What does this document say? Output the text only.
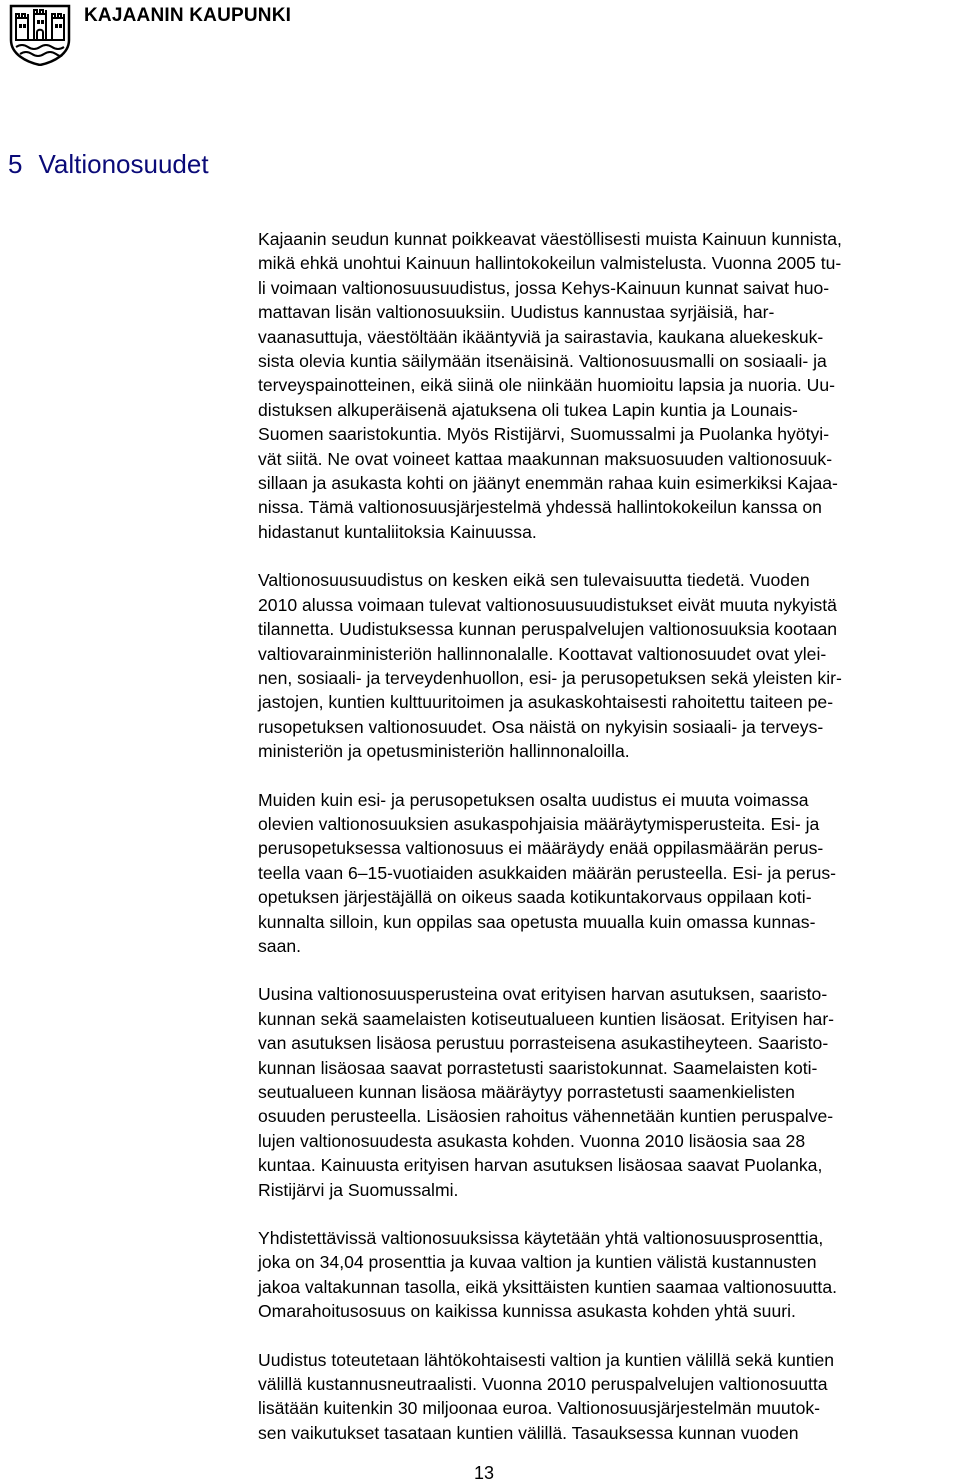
KAJAANIN KAUPUNKI
5 Valtionosuudet

Kajaanin seudun kunnat poikkeavat väestöllisesti muista Kainuun kunnista,
mikä ehkä unohtui Kainuun hallintokokeilun valmistelusta. Vuonna 2005 tu-
li voimaan valtionosuusuudistus, jossa Kehys-Kainuun kunnat saivat huo-
mattavan lisän valtionosuuksiin. Uudistus kannustaa syrjäisiä, har-
vaanasuttuja, väestöltään ikääntyviä ja sairastavia, kaukana aluekeskuk-
sista olevia kuntia säilymään itsenäisinä. Valtionosuusmalli on sosiaali- ja
terveyspainotteinen, eikä siinä ole niinkään huomioitu lapsia ja nuoria. Uu-
distuksen alkuperäisenä ajatuksena oli tukea Lapin kuntia ja Lounais-
Suomen saaristokuntia. Myös Ristijärvi, Suomussalmi ja Puolanka hyötyi-
vät siitä. Ne ovat voineet kattaa maakunnan maksuosuuden valtionosuuk-
sillaan ja asukasta kohti on jäänyt enemmän rahaa kuin esimerkiksi Kajaa-
nissa. Tämä valtionosuusjärjestelmä yhdessä hallintokokeilun kanssa on
hidastanut kuntaliitoksia Kainuussa.

Valtionosuusuudistus on kesken eikä sen tulevaisuutta tiedetä. Vuoden
2010 alussa voimaan tulevat valtionosuusuudistukset eivät muuta nykyistä
tilannetta. Uudistuksessa kunnan peruspalvelujen valtionosuuksia kootaan
valtiovarainministeriön hallinnonalalle. Koottavat valtionosuudet ovat ylei-
nen, sosiaali- ja terveydenhuollon, esi- ja perusopetuksen sekä yleisten kir-
jastojen, kuntien kulttuuritoimen ja asukaskohtaisesti rahoitettu taiteen pe-
rusopetuksen valtionosuudet. Osa näistä on nykyisin sosiaali- ja terveys-
ministeriön ja opetusministeriön hallinnonaloilla.

Muiden kuin esi- ja perusopetuksen osalta uudistus ei muuta voimassa
olevien valtionosuuksien asukaspohjaisia määräytymisperusteita. Esi- ja
perusopetuksessa valtionosuus ei määräydy enää oppilasmäärän perus-
teella vaan 6–15-vuotiaiden asukkaiden määrän perusteella. Esi- ja perus-
opetuksen järjestäjällä on oikeus saada kotikuntakorvaus oppilaan koti-
kunnalta silloin, kun oppilas saa opetusta muualla kuin omassa kunnas-
saan.

Uusina valtionosuusperusteina ovat erityisen harvan asutuksen, saaristo-
kunnan sekä saamelaisten kotiseutualueen kuntien lisäosat. Erityisen har-
van asutuksen lisäosa perustuu porrasteisena asukastiheyteen. Saaristo-
kunnan lisäosaa saavat porrastetusti saaristokunnat. Saamelaisten koti-
seutualueen kunnan lisäosa määräytyy porrastetusti saamenkielisten
osuuden perusteella. Lisäosien rahoitus vähennetään kuntien peruspalve-
lujen valtionosuudesta asukasta kohden. Vuonna 2010 lisäosia saa 28
kuntaa. Kainuusta erityisen harvan asutuksen lisäosaa saavat Puolanka,
Ristijärvi ja Suomussalmi.

Yhdistettävissä valtionosuuksissa käytetään yhtä valtionosuusprosenttia,
joka on 34,04 prosenttia ja kuvaa valtion ja kuntien välistä kustannusten
jakoa valtakunnan tasolla, eikä yksittäisten kuntien saamaa valtionosuutta.
Omarahoitusosuus on kaikissa kunnissa asukasta kohden yhtä suuri.

Uudistus toteutetaan lähtökohtaisesti valtion ja kuntien välillä sekä kuntien
välillä kustannusneutraalisti. Vuonna 2010 peruspalvelujen valtionosuutta
lisätään kuitenkin 30 miljoonaa euroa. Valtionosuusjärjestelmän muutok-
sen vaikutukset tasataan kuntien välillä. Tasauksessa kunnan vuoden

13
